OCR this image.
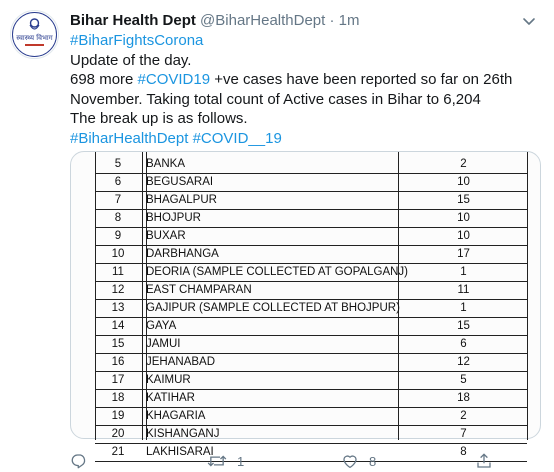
स्वास्थ्य विभाग
Bihar Health Dept @BiharHealthDept · 1m
#BiharFightsCorona
Update of the day.
698 more #COVID19 +ve cases have been reported so far on 26th
November. Taking total count of Active cases in Bihar to 6,204
The break up is as follows.
#BiharHealthDept #COVID__19
5	BANKA	2
6	BEGUSARAI	10
7	BHAGALPUR	15
8	BHOJPUR	10
9	BUXAR	10
10	DARBHANGA	17
11	DEORIA (SAMPLE COLLECTED AT GOPALGANJ)	1
12	EAST CHAMPARAN	11
13	GAJIPUR (SAMPLE COLLECTED AT BHOJPUR)	1
14	GAYA	15
15	JAMUI	6
16	JEHANABAD	12
17	KAIMUR	5
18	KATIHAR	18
19	KHAGARIA	2
20	KISHANGANJ	7
21	LAKHISARAI	8
1	8
